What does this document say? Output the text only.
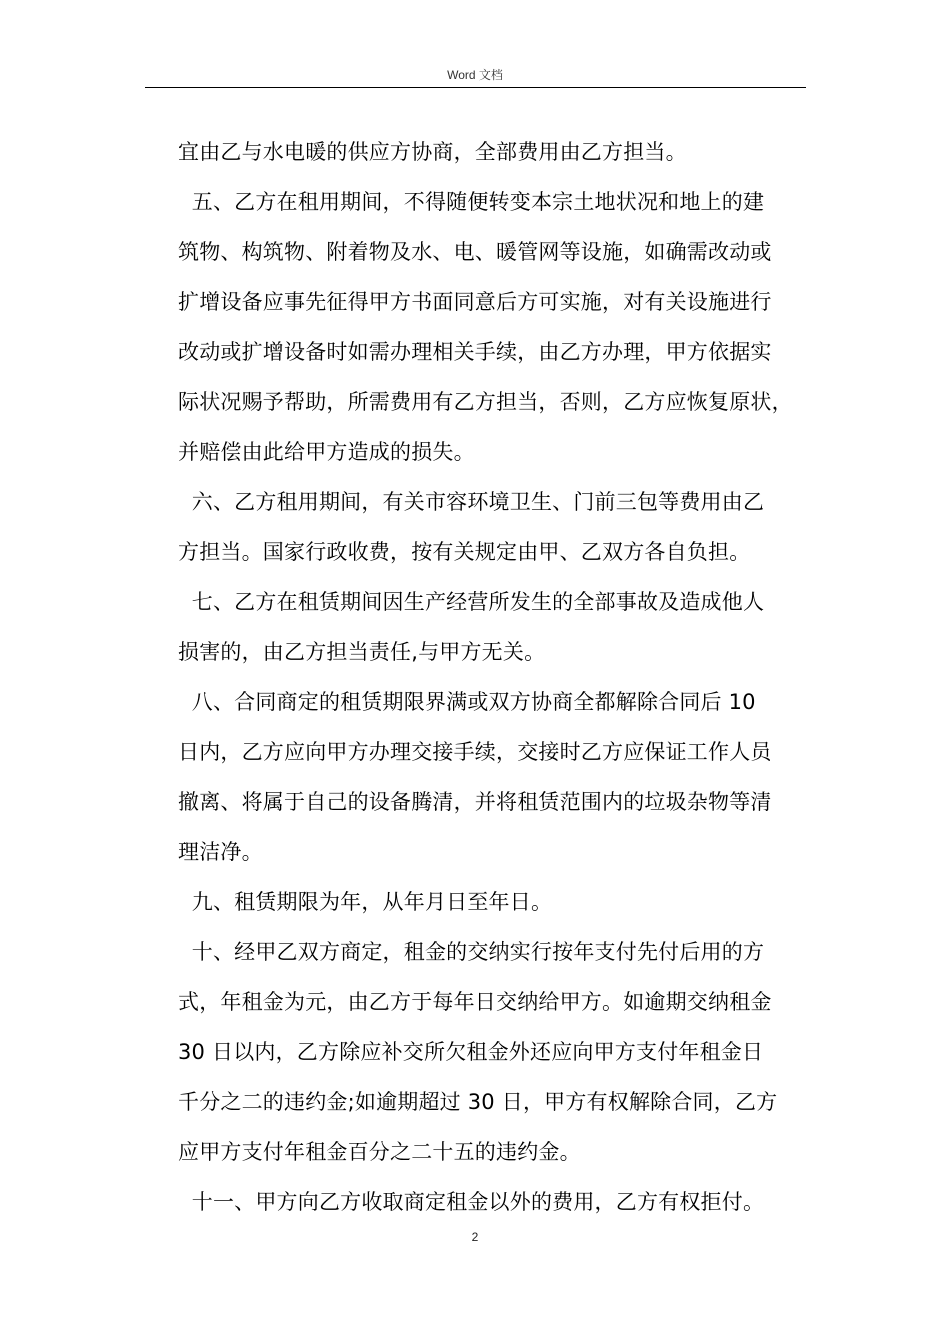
Word 文档
宜由乙与水电暖的供应方协商，全部费用由乙方担当。
五、乙方在租用期间，不得随便转变本宗土地状况和地上的建
筑物、构筑物、附着物及水、电、暖管网等设施，如确需改动或
扩增设备应事先征得甲方书面同意后方可实施，对有关设施进行
改动或扩增设备时如需办理相关手续，由乙方办理，甲方依据实
际状况赐予帮助，所需费用有乙方担当，否则，乙方应恢复原状，
并赔偿由此给甲方造成的损失。
六、乙方租用期间，有关市容环境卫生、门前三包等费用由乙
方担当。国家行政收费，按有关规定由甲、乙双方各自负担。
七、乙方在租赁期间因生产经营所发生的全部事故及造成他人
损害的，由乙方担当责任,与甲方无关。
八、合同商定的租赁期限界满或双方协商全都解除合同后 10
日内，乙方应向甲方办理交接手续，交接时乙方应保证工作人员
撤离、将属于自己的设备腾清，并将租赁范围内的垃圾杂物等清
理洁净。
九、租赁期限为年，从年月日至年日。
十、经甲乙双方商定，租金的交纳实行按年支付先付后用的方
式，年租金为元，由乙方于每年日交纳给甲方。如逾期交纳租金
30 日以内，乙方除应补交所欠租金外还应向甲方支付年租金日
千分之二的违约金;如逾期超过 30 日，甲方有权解除合同，乙方
应甲方支付年租金百分之二十五的违约金。
十一、甲方向乙方收取商定租金以外的费用，乙方有权拒付。
2
